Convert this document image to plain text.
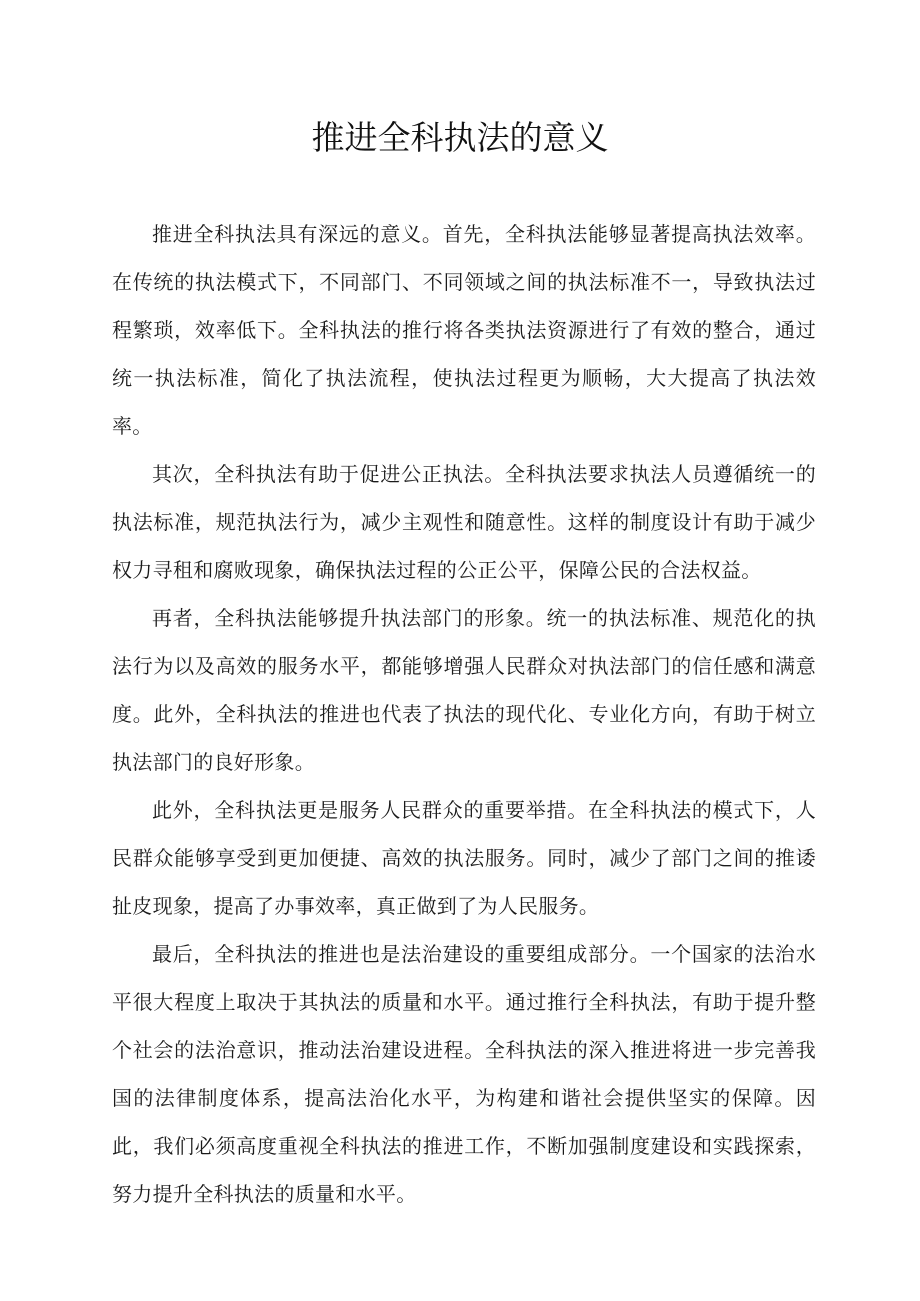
推进全科执法的意义

推进全科执法具有深远的意义。首先，全科执法能够显著提高执法效率。在传统的执法模式下，不同部门、不同领域之间的执法标准不一，导致执法过程繁琐，效率低下。全科执法的推行将各类执法资源进行了有效的整合，通过统一执法标准，简化了执法流程，使执法过程更为顺畅，大大提高了执法效率。

其次，全科执法有助于促进公正执法。全科执法要求执法人员遵循统一的执法标准，规范执法行为，减少主观性和随意性。这样的制度设计有助于减少权力寻租和腐败现象，确保执法过程的公正公平，保障公民的合法权益。

再者，全科执法能够提升执法部门的形象。统一的执法标准、规范化的执法行为以及高效的服务水平，都能够增强人民群众对执法部门的信任感和满意度。此外，全科执法的推进也代表了执法的现代化、专业化方向，有助于树立执法部门的良好形象。

此外，全科执法更是服务人民群众的重要举措。在全科执法的模式下，人民群众能够享受到更加便捷、高效的执法服务。同时，减少了部门之间的推诿扯皮现象，提高了办事效率，真正做到了为人民服务。

最后，全科执法的推进也是法治建设的重要组成部分。一个国家的法治水平很大程度上取决于其执法的质量和水平。通过推行全科执法，有助于提升整个社会的法治意识，推动法治建设进程。全科执法的深入推进将进一步完善我国的法律制度体系，提高法治化水平，为构建和谐社会提供坚实的保障。因此，我们必须高度重视全科执法的推进工作，不断加强制度建设和实践探索，努力提升全科执法的质量和水平。
